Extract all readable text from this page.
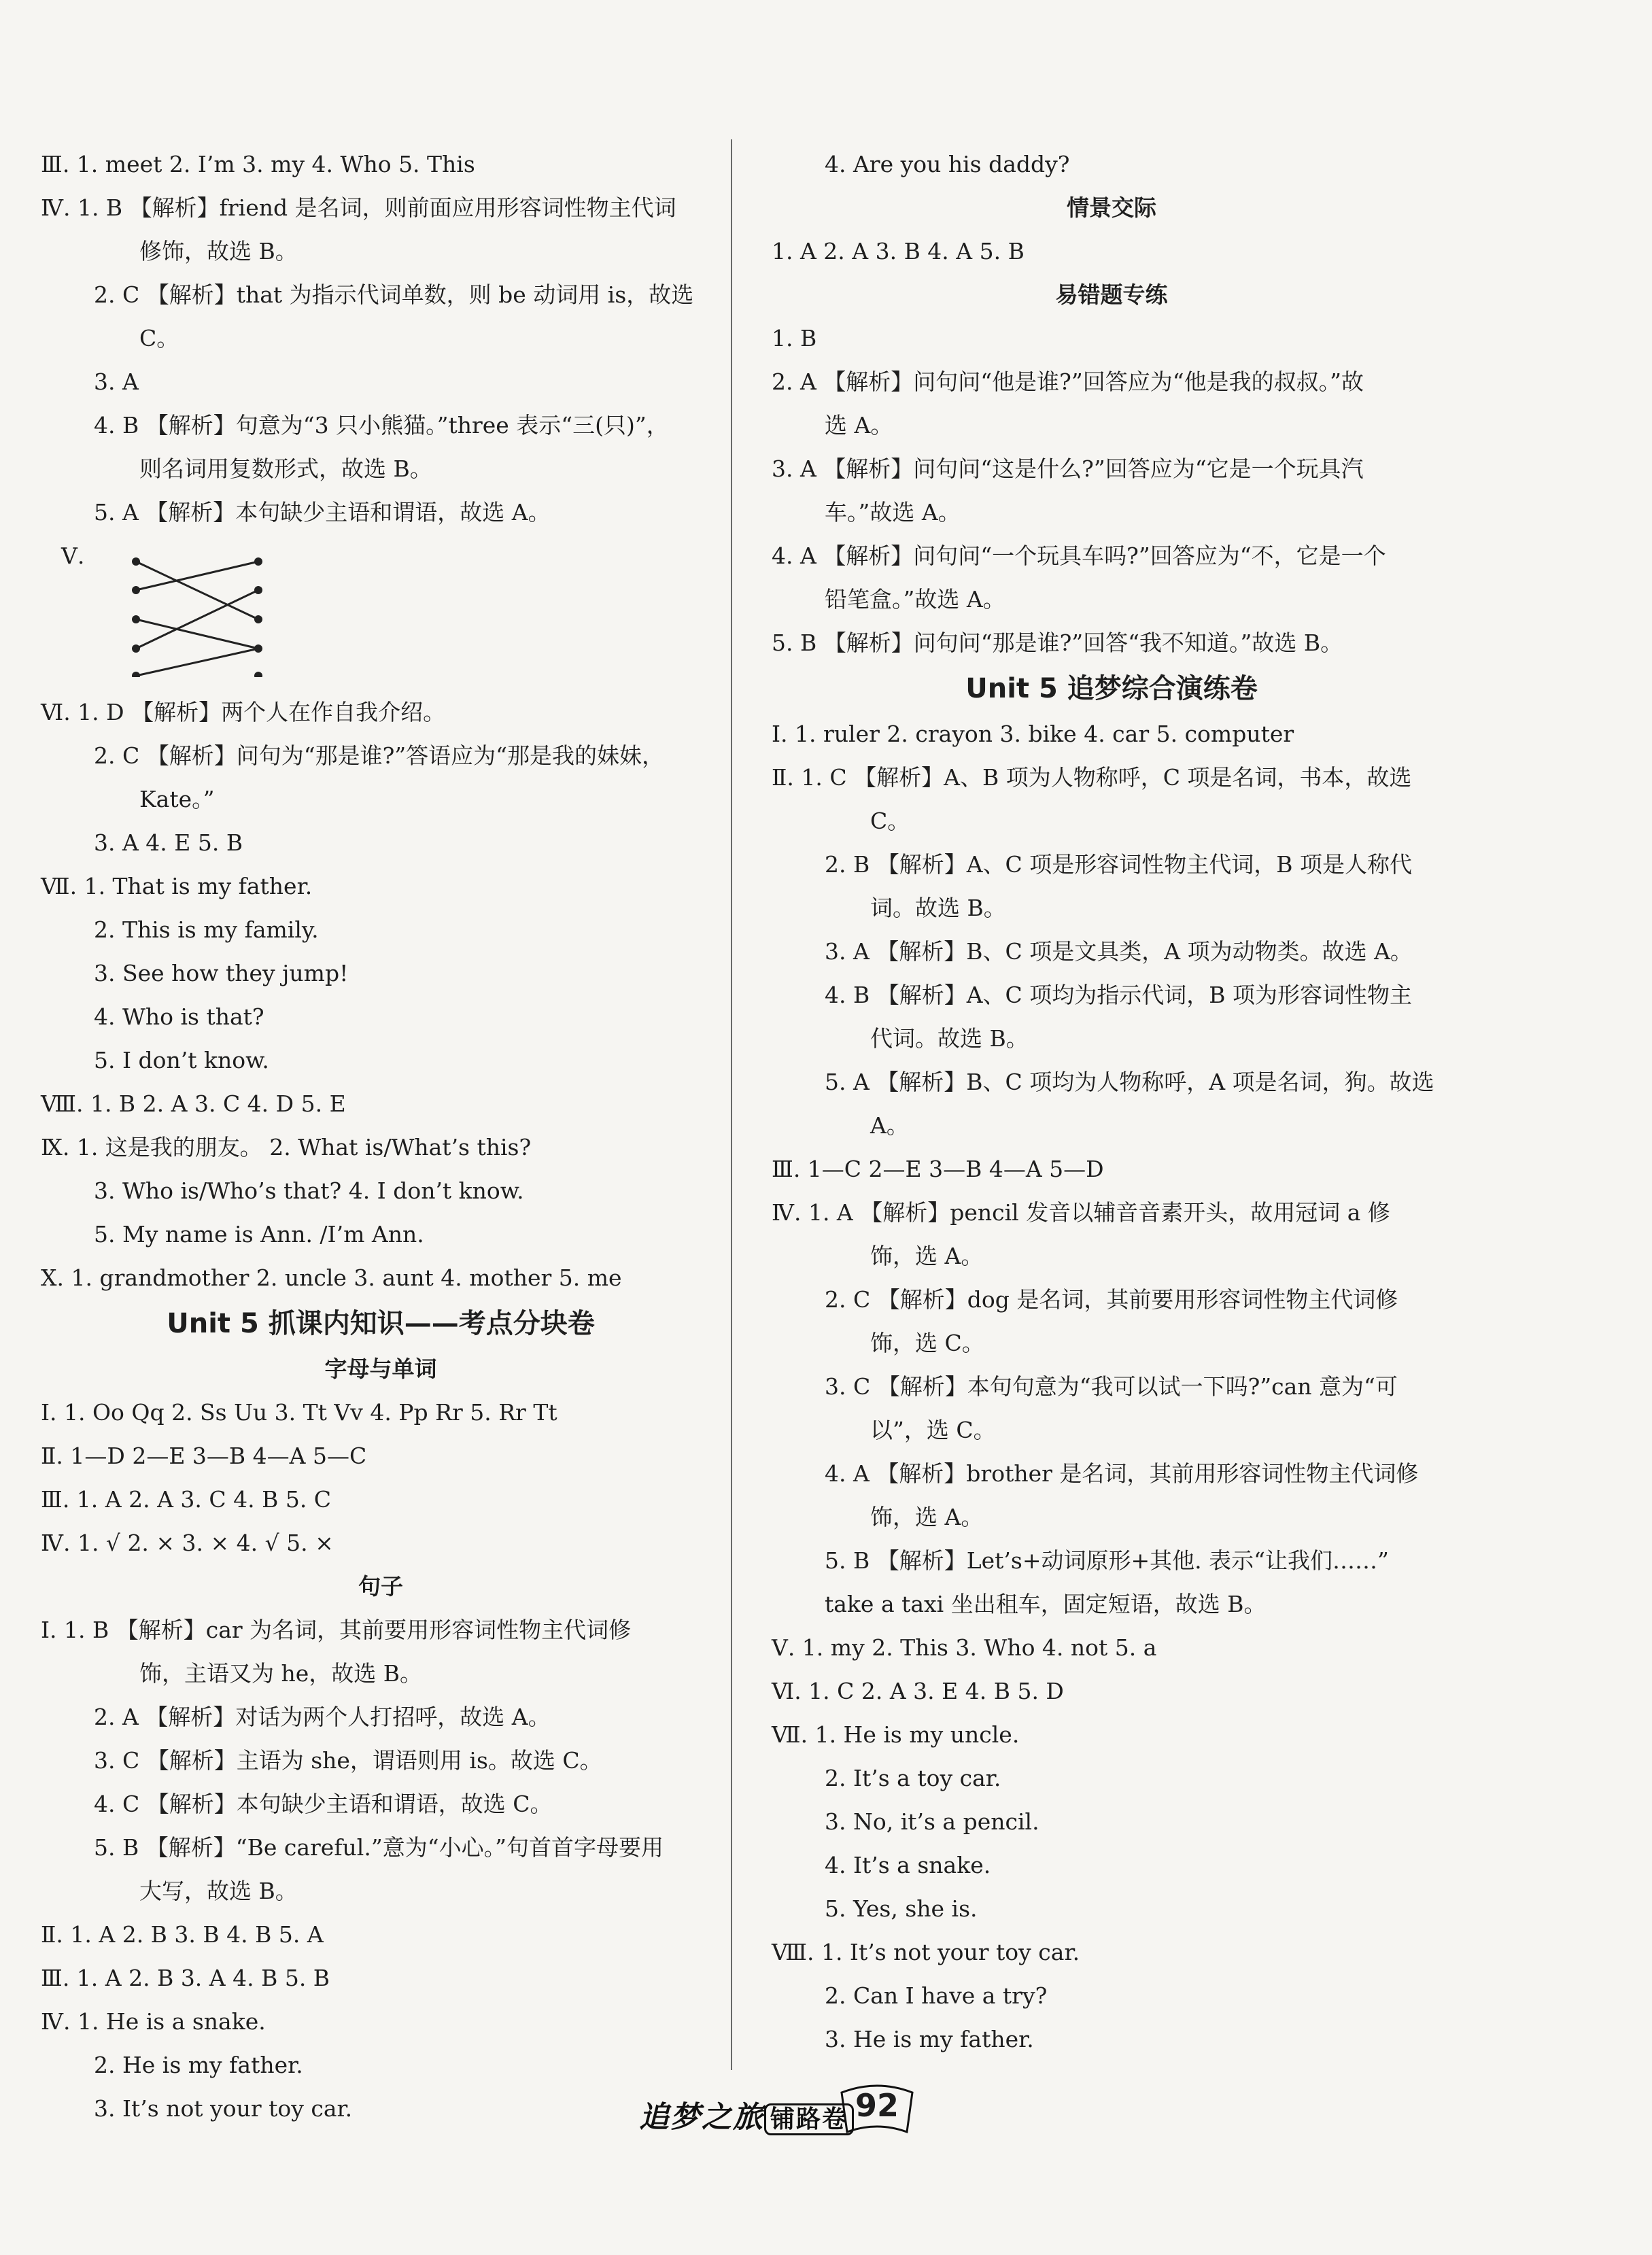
Ⅲ. 1. meet 2. I’m 3. my 4. Who 5. This
Ⅳ. 1. B 【解析】friend 是名词，则前面应用形容词性物主代词
修饰，故选 B。
2. C 【解析】that 为指示代词单数，则 be 动词用 is，故选
C。
3. A
4. B 【解析】句意为“3 只小熊猫。”three 表示“三(只)”，
则名词用复数形式，故选 B。
5. A 【解析】本句缺少主语和谓语，故选 A。
Ⅴ.
Ⅵ. 1. D 【解析】两个人在作自我介绍。
2. C 【解析】问句为“那是谁?”答语应为“那是我的妹妹，
Kate。”
3. A 4. E 5. B
Ⅶ. 1. That is my father.
2. This is my family.
3. See how they jump!
4. Who is that?
5. I don’t know.
Ⅷ. 1. B 2. A 3. C 4. D 5. E
Ⅸ. 1. 这是我的朋友。 2. What is/What’s this?
3. Who is/Who’s that? 4. I don’t know.
5. My name is Ann. /I’m Ann.
Ⅹ. 1. grandmother 2. uncle 3. aunt 4. mother 5. me
Unit 5 抓课内知识——考点分块卷
字母与单词
Ⅰ. 1. Oo Qq 2. Ss Uu 3. Tt Vv 4. Pp Rr 5. Rr Tt
Ⅱ. 1—D 2—E 3—B 4—A 5—C
Ⅲ. 1. A 2. A 3. C 4. B 5. C
Ⅳ. 1. √ 2. × 3. × 4. √ 5. ×
句子
Ⅰ. 1. B 【解析】car 为名词，其前要用形容词性物主代词修
饰，主语又为 he，故选 B。
2. A 【解析】对话为两个人打招呼，故选 A。
3. C 【解析】主语为 she，谓语则用 is。故选 C。
4. C 【解析】本句缺少主语和谓语，故选 C。
5. B 【解析】“Be careful.”意为“小心。”句首首字母要用
大写，故选 B。
Ⅱ. 1. A 2. B 3. B 4. B 5. A
Ⅲ. 1. A 2. B 3. A 4. B 5. B
Ⅳ. 1. He is a snake.
2. He is my father.
3. It’s not your toy car.
4. Are you his daddy?
情景交际
1. A 2. A 3. B 4. A 5. B
易错题专练
1. B
2. A 【解析】问句问“他是谁?”回答应为“他是我的叔叔。”故
选 A。
3. A 【解析】问句问“这是什么?”回答应为“它是一个玩具汽
车。”故选 A。
4. A 【解析】问句问“一个玩具车吗?”回答应为“不，它是一个
铅笔盒。”故选 A。
5. B 【解析】问句问“那是谁?”回答“我不知道。”故选 B。
Unit 5 追梦综合演练卷
Ⅰ. 1. ruler 2. crayon 3. bike 4. car 5. computer
Ⅱ. 1. C 【解析】A、B 项为人物称呼，C 项是名词，书本，故选
C。
2. B 【解析】A、C 项是形容词性物主代词，B 项是人称代
词。故选 B。
3. A 【解析】B、C 项是文具类，A 项为动物类。故选 A。
4. B 【解析】A、C 项均为指示代词，B 项为形容词性物主
代词。故选 B。
5. A 【解析】B、C 项均为人物称呼，A 项是名词，狗。故选
A。
Ⅲ. 1—C 2—E 3—B 4—A 5—D
Ⅳ. 1. A 【解析】pencil 发音以辅音音素开头，故用冠词 a 修
饰，选 A。
2. C 【解析】dog 是名词，其前要用形容词性物主代词修
饰，选 C。
3. C 【解析】本句句意为“我可以试一下吗?”can 意为“可
以”，选 C。
4. A 【解析】brother 是名词，其前用形容词性物主代词修
饰，选 A。
5. B 【解析】Let’s+动词原形+其他. 表示“让我们……”
take a taxi 坐出租车，固定短语，故选 B。
Ⅴ. 1. my 2. This 3. Who 4. not 5. a
Ⅵ. 1. C 2. A 3. E 4. B 5. D
Ⅶ. 1. He is my uncle.
2. It’s a toy car.
3. No, it’s a pencil.
4. It’s a snake.
5. Yes, she is.
Ⅷ. 1. It’s not your toy car.
2. Can I have a try?
3. He is my father.
追梦之旅 铺路卷 92
